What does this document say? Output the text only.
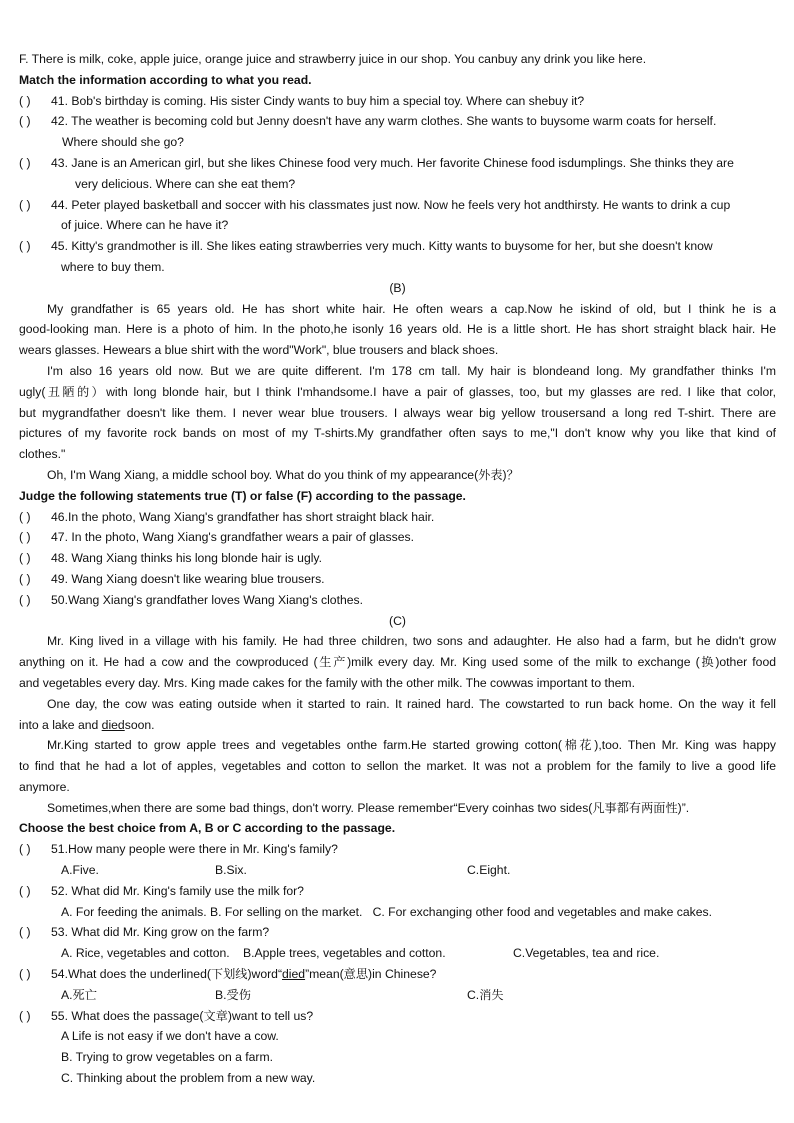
F. There is milk, coke, apple juice, orange juice and strawberry juice in our shop. You canbuy any drink you like here.
Match the information according to what you read.
( )	41. Bob's birthday is coming. His sister Cindy wants to buy him a special toy. Where can shebuy it?
( )	42. The weather is becoming cold but Jenny doesn't have any warm clothes. She wants to buysome warm coats for herself.
Where should she go?
( )	43. Jane is an American girl, but she likes Chinese food very much. Her favorite Chinese food isdumplings. She thinks they are
very delicious. Where can she eat them?
( )	44. Peter played basketball and soccer with his classmates just now. Now he feels very hot andthirsty. He wants to drink a cup
of juice. Where can he have it?
( )	45. Kitty's grandmother is ill. She likes eating strawberries very much. Kitty wants to buysome for her, but she doesn't know
where to buy them.
(B)
My grandfather is 65 years old. He has short white hair. He often wears a cap.Now he iskind of old, but I think he is a
good-looking man. Here is a photo of him. In the photo,he isonly 16 years old. He is a little short. He has short straight black hair. He
wears glasses. Hewears a blue shirt with the word"Work", blue trousers and black shoes.
I'm also 16 years old now. But we are quite different. I'm 178 cm tall. My hair is blondeand long. My grandfather thinks I'm
ugly(丑陋的）with long blonde hair, but I think I'mhandsome.I have a pair of glasses, too, but my glasses are red. I like that color,
but mygrandfather doesn't like them. I never wear blue trousers. I always wear big yellow trousersand a long red T-shirt. There are
pictures of my favorite rock bands on most of my T-shirts.My grandfather often says to me,"I don't know why you like that kind of
clothes."
Oh, I'm Wang Xiang, a middle school boy. What do you think of my appearance(外表)？
Judge the following statements true (T) or false (F) according to the passage.
( )	46.In the photo, Wang Xiang's grandfather has short straight black hair.
( )	47. In the photo, Wang Xiang's grandfather wears a pair of glasses.
( )	48. Wang Xiang thinks his long blonde hair is ugly.
( )	49. Wang Xiang doesn't like wearing blue trousers.
( )	50.Wang Xiang's grandfather loves Wang Xiang's clothes.
(C)
Mr. King lived in a village with his family. He had three children, two sons and adaughter. He also had a farm, but he didn't grow
anything on it. He had a cow and the cowproduced (生产)milk every day. Mr. King used some of the milk to exchange (换)other food
and vegetables every day. Mrs. King made cakes for the family with the other milk. The cowwas important to them.
One day, the cow was eating outside when it started to rain. It rained hard. The cowstarted to run back home. On the way it fell
into a lake and diedsoon.
Mr.King started to grow apple trees and vegetables onthe farm.He started growing cotton(棉花),too. Then Mr. King was happy
to find that he had a lot of apples, vegetables and cotton to sellon the market. It was not a problem for the family to live a good life
anymore.
Sometimes,when there are some bad things, don't worry. Please remember“Every coinhas two sides(凡事都有两面性)”.
Choose the best choice from A, B or C according to the passage.
( )	51.How many people were there in Mr. King's family?
A.Five.	B.Six.	C.Eight.
( )	52. What did Mr. King's family use the milk for?
A. For feeding the animals. B. For selling on the market.   C. For exchanging other food and vegetables and make cakes.
( )	53. What did Mr. King grow on the farm?
A. Rice, vegetables and cotton.	B.Apple trees, vegetables and cotton.	C.Vegetables, tea and rice.
( )	54.What does the underlined(下划线)word“died”mean(意思)in Chinese?
A.死亡	B.受伤	C.消失
( )	55. What does the passage(文章)want to tell us?
A Life is not easy if we don't have a cow.
B. Trying to grow vegetables on a farm.
C. Thinking about the problem from a new way.
